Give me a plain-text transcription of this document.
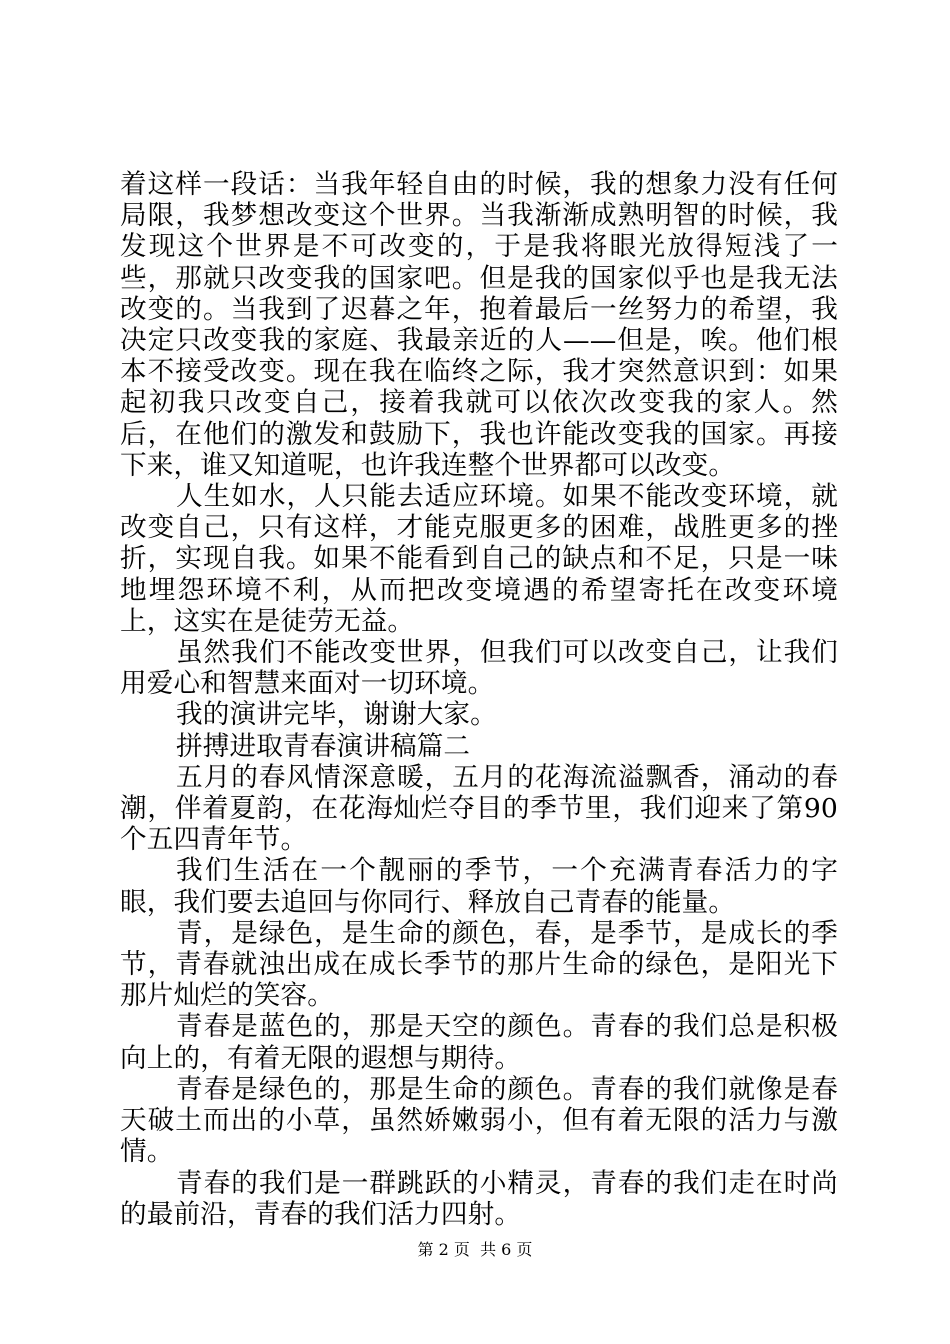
着这样一段话：当我年轻自由的时候，我的想象力没有任何局限，我梦想改变这个世界。当我渐渐成熟明智的时候，我发现这个世界是不可改变的，于是我将眼光放得短浅了一些，那就只改变我的国家吧。但是我的国家似乎也是我无法改变的。当我到了迟暮之年，抱着最后一丝努力的希望，我决定只改变我的家庭、我最亲近的人——但是，唉。他们根本不接受改变。现在我在临终之际，我才突然意识到：如果起初我只改变自己，接着我就可以依次改变我的家人。然后，在他们的激发和鼓励下，我也许能改变我的国家。再接下来，谁又知道呢，也许我连整个世界都可以改变。

人生如水，人只能去适应环境。如果不能改变环境，就改变自己，只有这样，才能克服更多的困难，战胜更多的挫折，实现自我。如果不能看到自己的缺点和不足，只是一味地埋怨环境不利，从而把改变境遇的希望寄托在改变环境上，这实在是徒劳无益。

虽然我们不能改变世界，但我们可以改变自己，让我们用爱心和智慧来面对一切环境。

我的演讲完毕，谢谢大家。

拼搏进取青春演讲稿篇二

五月的春风情深意暖，五月的花海流溢飘香，涌动的春潮，伴着夏韵，在花海灿烂夺目的季节里，我们迎来了第90个五四青年节。

我们生活在一个靓丽的季节，一个充满青春活力的字眼，我们要去追回与你同行、释放自己青春的能量。

青，是绿色，是生命的颜色，春，是季节，是成长的季节，青春就浊出成在成长季节的那片生命的绿色，是阳光下那片灿烂的笑容。

青春是蓝色的，那是天空的颜色。青春的我们总是积极向上的，有着无限的遐想与期待。

青春是绿色的，那是生命的颜色。青春的我们就像是春天破土而出的小草，虽然娇嫩弱小，但有着无限的活力与激情。

青春的我们是一群跳跃的小精灵，青春的我们走在时尚的最前沿，青春的我们活力四射。

第 2 页  共 6 页
